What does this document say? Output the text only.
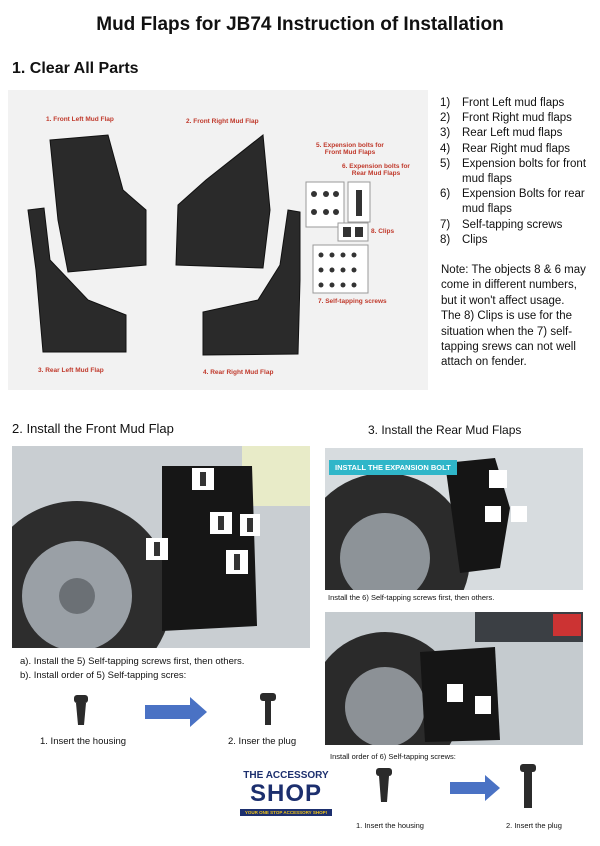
Mud Flaps for JB74 Instruction of Installation
1. Clear All Parts
1. Front Left Mud Flap	2. Front Right Mud Flap
3. Rear Left Mud Flap	4. Rear Right Mud Flap
5. Expension bolts for Front Mud Flaps
6. Expension bolts for Rear Mud Flaps
8. Clips
7. Self-tapping screws
1)	Front Left mud flaps
2)	Front Right mud flaps
3)	Rear Left mud flaps
4)	Rear Right mud flaps
5)	Expension bolts for front mud flaps
6)	Expension Bolts for rear mud flaps
7)	Self-tapping screws
8)	Clips
Note: The objects 8 & 6 may come in different numbers, but it won't affect usage.
The 8) Clips is use for the situation when the 7) self-tapping srews can not well attach on fender.
2. Install the Front Mud Flap
a). Install the 5) Self-tapping screws first, then others.
b). Install order of 5) Self-tapping scres:
1. Insert the housing	2. Inser the plug
3. Install the Rear Mud Flaps
INSTALL THE EXPANSION BOLT
Install the 6) Self-tapping screws first, then others.
Install order of 6) Self-tapping screws:
1. Insert the housing	2. Insert the plug
THE ACCESSORY
SHOP
YOUR ONE STOP ACCESSORY SHOP!
